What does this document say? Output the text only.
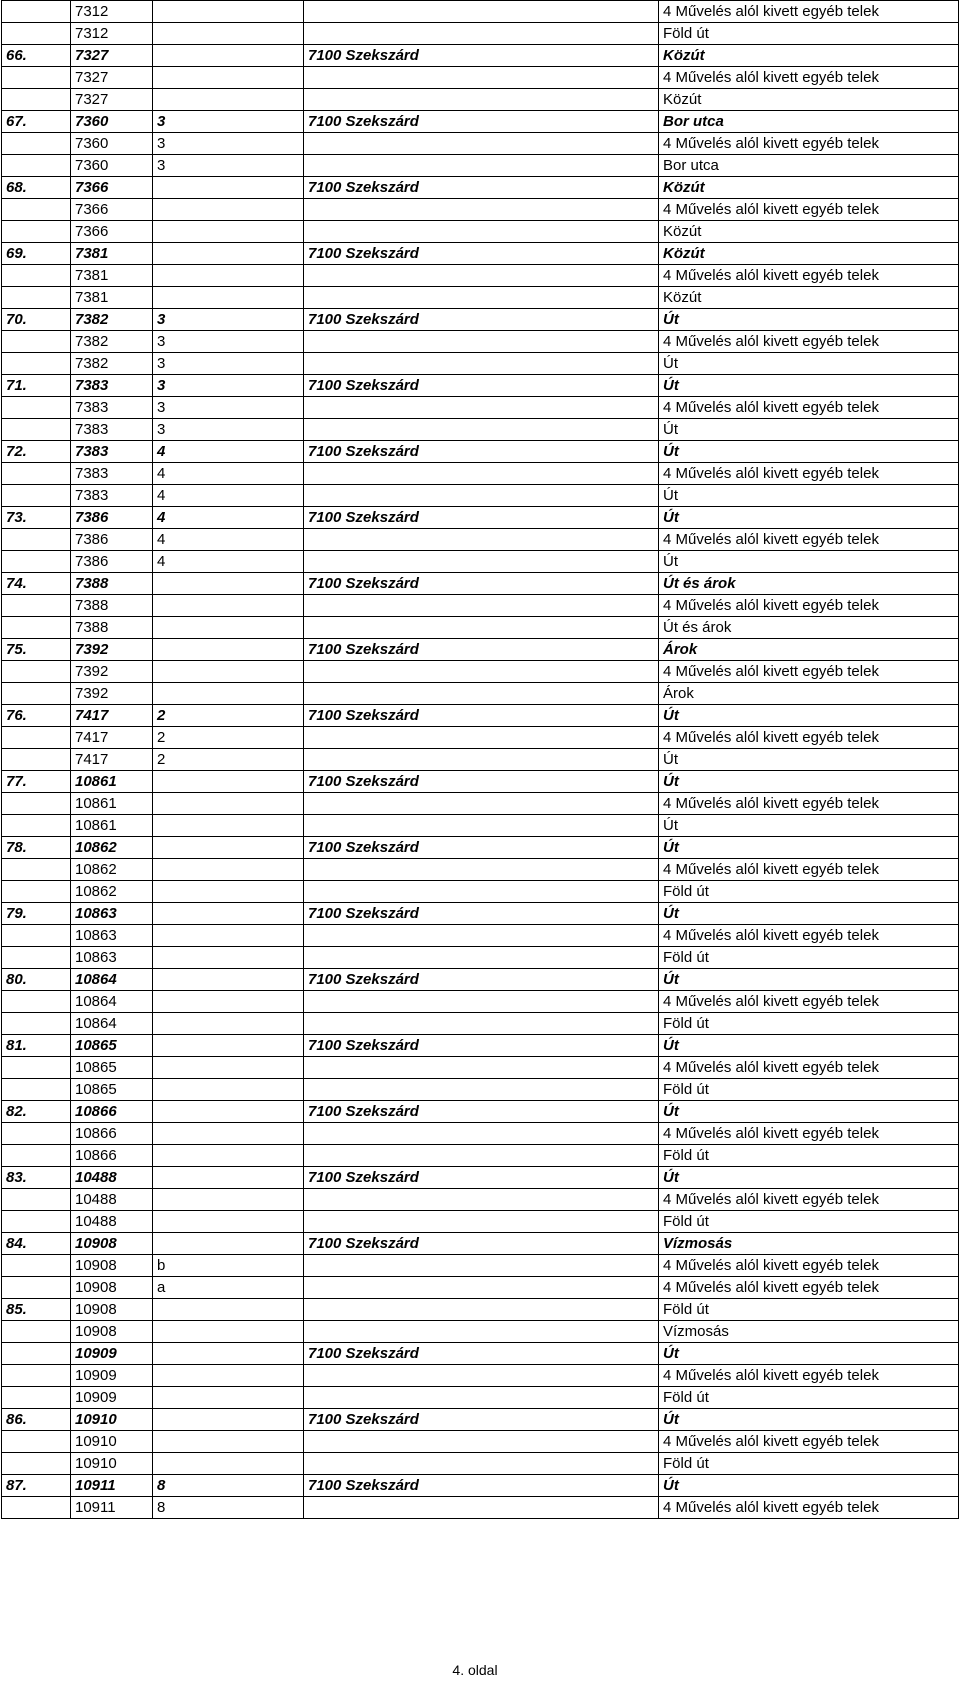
	7312			4 Művelés alól kivett egyéb telek
	7312			Föld út
66.	7327		7100 Szekszárd	Közút
	7327			4 Művelés alól kivett egyéb telek
	7327			Közút
67.	7360	3	7100 Szekszárd	Bor utca
	7360	3		4 Művelés alól kivett egyéb telek
	7360	3		Bor utca
68.	7366		7100 Szekszárd	Közút
	7366			4 Művelés alól kivett egyéb telek
	7366			Közút
69.	7381		7100 Szekszárd	Közút
	7381			4 Művelés alól kivett egyéb telek
	7381			Közút
70.	7382	3	7100 Szekszárd	Út
	7382	3		4 Művelés alól kivett egyéb telek
	7382	3		Út
71.	7383	3	7100 Szekszárd	Út
	7383	3		4 Művelés alól kivett egyéb telek
	7383	3		Út
72.	7383	4	7100 Szekszárd	Út
	7383	4		4 Művelés alól kivett egyéb telek
	7383	4		Út
73.	7386	4	7100 Szekszárd	Út
	7386	4		4 Művelés alól kivett egyéb telek
	7386	4		Út
74.	7388		7100 Szekszárd	Út és árok
	7388			4 Művelés alól kivett egyéb telek
	7388			Út és árok
75.	7392		7100 Szekszárd	Árok
	7392			4 Művelés alól kivett egyéb telek
	7392			Árok
76.	7417	2	7100 Szekszárd	Út
	7417	2		4 Művelés alól kivett egyéb telek
	7417	2		Út
77.	10861		7100 Szekszárd	Út
	10861			4 Művelés alól kivett egyéb telek
	10861			Út
78.	10862		7100 Szekszárd	Út
	10862			4 Művelés alól kivett egyéb telek
	10862			Föld út
79.	10863		7100 Szekszárd	Út
	10863			4 Művelés alól kivett egyéb telek
	10863			Föld út
80.	10864		7100 Szekszárd	Út
	10864			4 Művelés alól kivett egyéb telek
	10864			Föld út
81.	10865		7100 Szekszárd	Út
	10865			4 Művelés alól kivett egyéb telek
	10865			Föld út
82.	10866		7100 Szekszárd	Út
	10866			4 Művelés alól kivett egyéb telek
	10866			Föld út
83.	10488		7100 Szekszárd	Út
	10488			4 Művelés alól kivett egyéb telek
	10488			Föld út
84.	10908		7100 Szekszárd	Vízmosás
	10908	b		4 Művelés alól kivett egyéb telek
	10908	a		4 Művelés alól kivett egyéb telek
85.	10908			Föld út
	10908			Vízmosás
	10909		7100 Szekszárd	Út
	10909			4 Művelés alól kivett egyéb telek
	10909			Föld út
86.	10910		7100 Szekszárd	Út
	10910			4 Művelés alól kivett egyéb telek
	10910			Föld út
87.	10911	8	7100 Szekszárd	Út
	10911	8		4 Művelés alól kivett egyéb telek
4. oldal
